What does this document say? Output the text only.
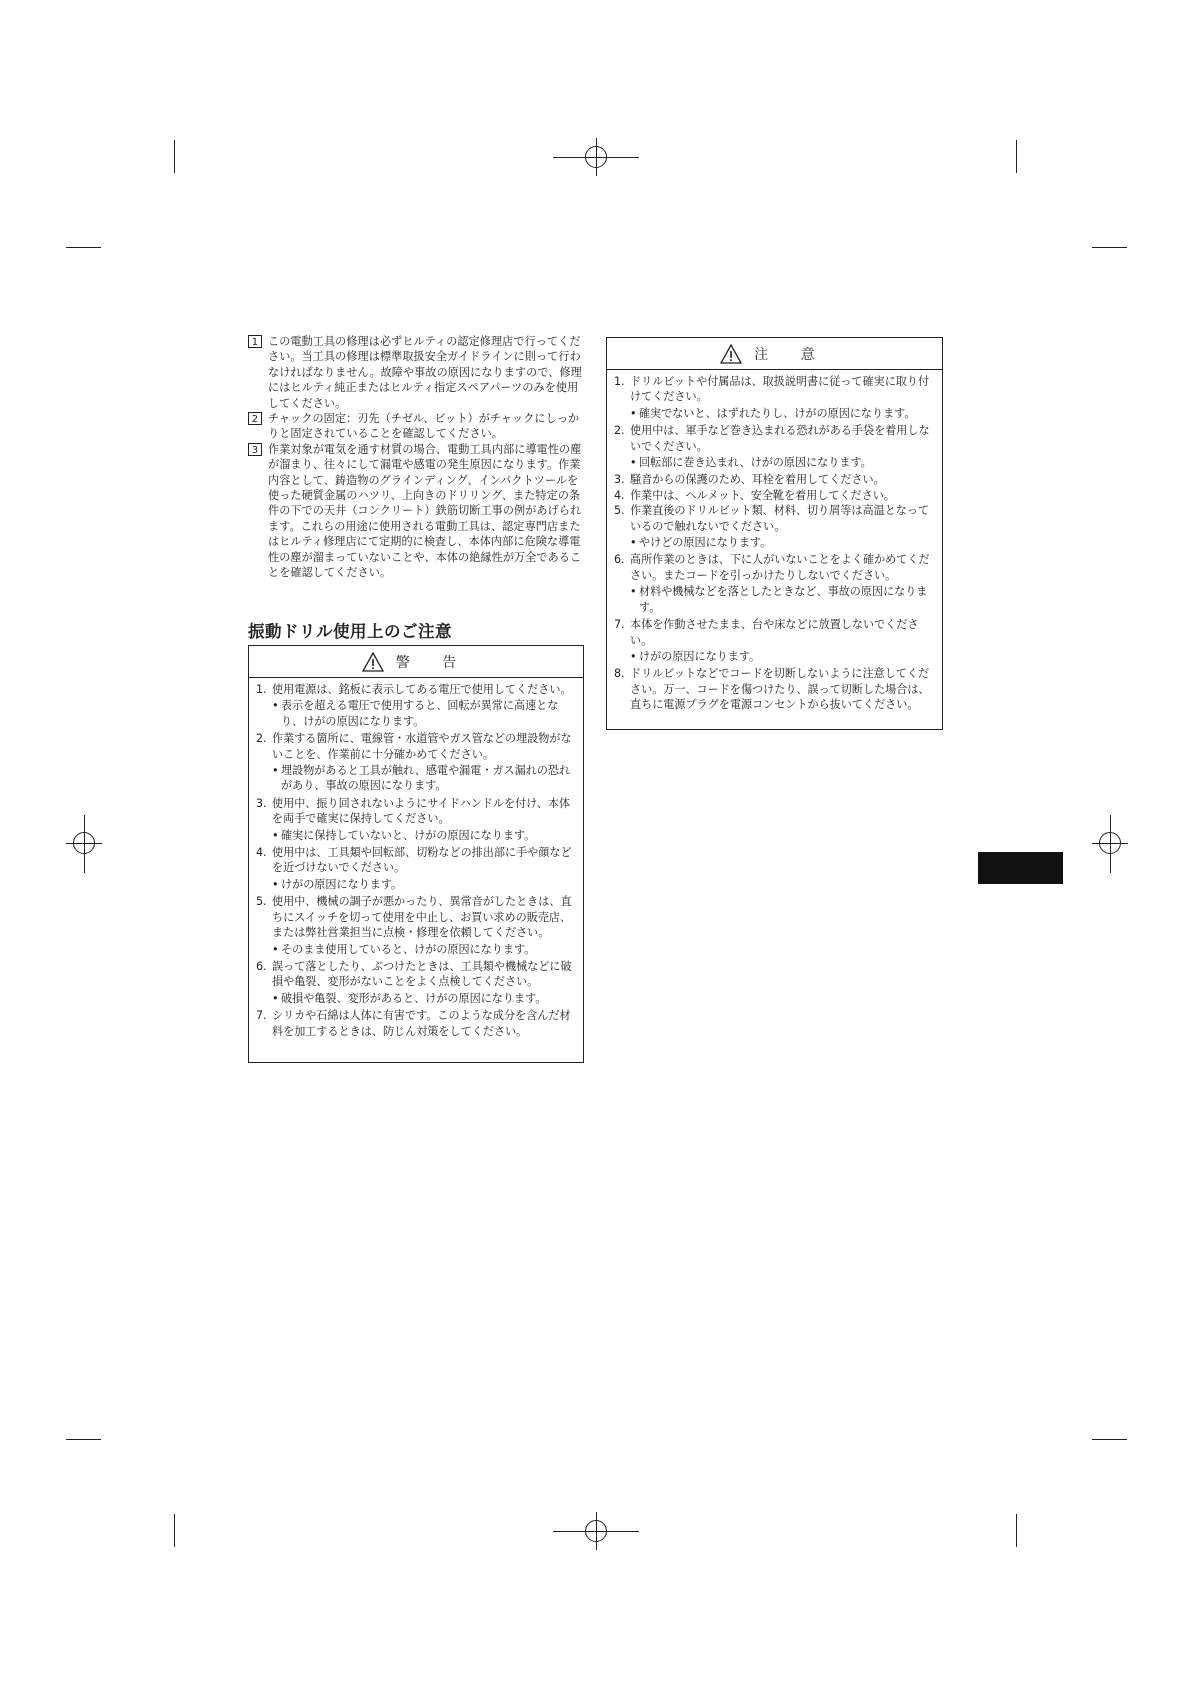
1 この電動工具の修理は必ずヒルティの認定修理店で行ってください。当工具の修理は標準取扱安全ガイドラインに則って行わなければなりません。故障や事故の原因になりますので、修理にはヒルティ純正またはヒルティ指定スペアパーツのみを使用してください。
2 チャックの固定：刃先（チゼル、ビット）がチャックにしっかりと固定されていることを確認してください。
3 作業対象が電気を通す材質の場合、電動工具内部に導電性の塵が溜まり、往々にして漏電や感電の発生原因になります。作業内容として、鋳造物のグラインディング、インパクトツールを使った硬質金属のハツリ、上向きのドリリング、また特定の条件の下での天井（コンクリート）鉄筋切断工事の例があげられます。これらの用途に使用される電動工具は、認定専門店またはヒルティ修理店にて定期的に検査し、本体内部に危険な導電性の塵が溜まっていないことや、本体の絶縁性が万全であることを確認してください。
振動ドリル使用上のご注意
警 告
1. 使用電源は、銘板に表示してある電圧で使用してください。
• 表示を超える電圧で使用すると、回転が異常に高速となり、けがの原因になります。
2. 作業する箇所に、電線管・水道管やガス管などの埋設物がないことを、作業前に十分確かめてください。
• 埋設物があると工具が触れ、感電や漏電・ガス漏れの恐れがあり、事故の原因になります。
3. 使用中、振り回されないようにサイドハンドルを付け、本体を両手で確実に保持してください。
• 確実に保持していないと、けがの原因になります。
4. 使用中は、工具類や回転部、切粉などの排出部に手や顔などを近づけないでください。
• けがの原因になります。
5. 使用中、機械の調子が悪かったり、異常音がしたときは、直ちにスイッチを切って使用を中止し、お買い求めの販売店、または弊社営業担当に点検・修理を依頼してください。
• そのまま使用していると、けがの原因になります。
6. 誤って落としたり、ぶつけたときは、工具類や機械などに破損や亀裂、変形がないことをよく点検してください。
• 破損や亀裂、変形があると、けがの原因になります。
7. シリカや石綿は人体に有害です。このような成分を含んだ材料を加工するときは、防じん対策をしてください。
注 意
1. ドリルビットや付属品は、取扱説明書に従って確実に取り付けてください。
• 確実でないと、はずれたりし、けがの原因になります。
2. 使用中は、軍手など巻き込まれる恐れがある手袋を着用しないでください。
• 回転部に巻き込まれ、けがの原因になります。
3. 騒音からの保護のため、耳栓を着用してください。
4. 作業中は、ヘルメット、安全靴を着用してください。
5. 作業直後のドリルビット類、材料、切り屑等は高温となっているので触れないでください。
• やけどの原因になります。
6. 高所作業のときは、下に人がいないことをよく確かめてください。またコードを引っかけたりしないでください。
• 材料や機械などを落としたときなど、事故の原因になります。
7. 本体を作動させたまま、台や床などに放置しないでください。
• けがの原因になります。
8. ドリルビットなどでコードを切断しないように注意してください。万一、コードを傷つけたり、誤って切断した場合は、直ちに電源プラグを電源コンセントから抜いてください。
